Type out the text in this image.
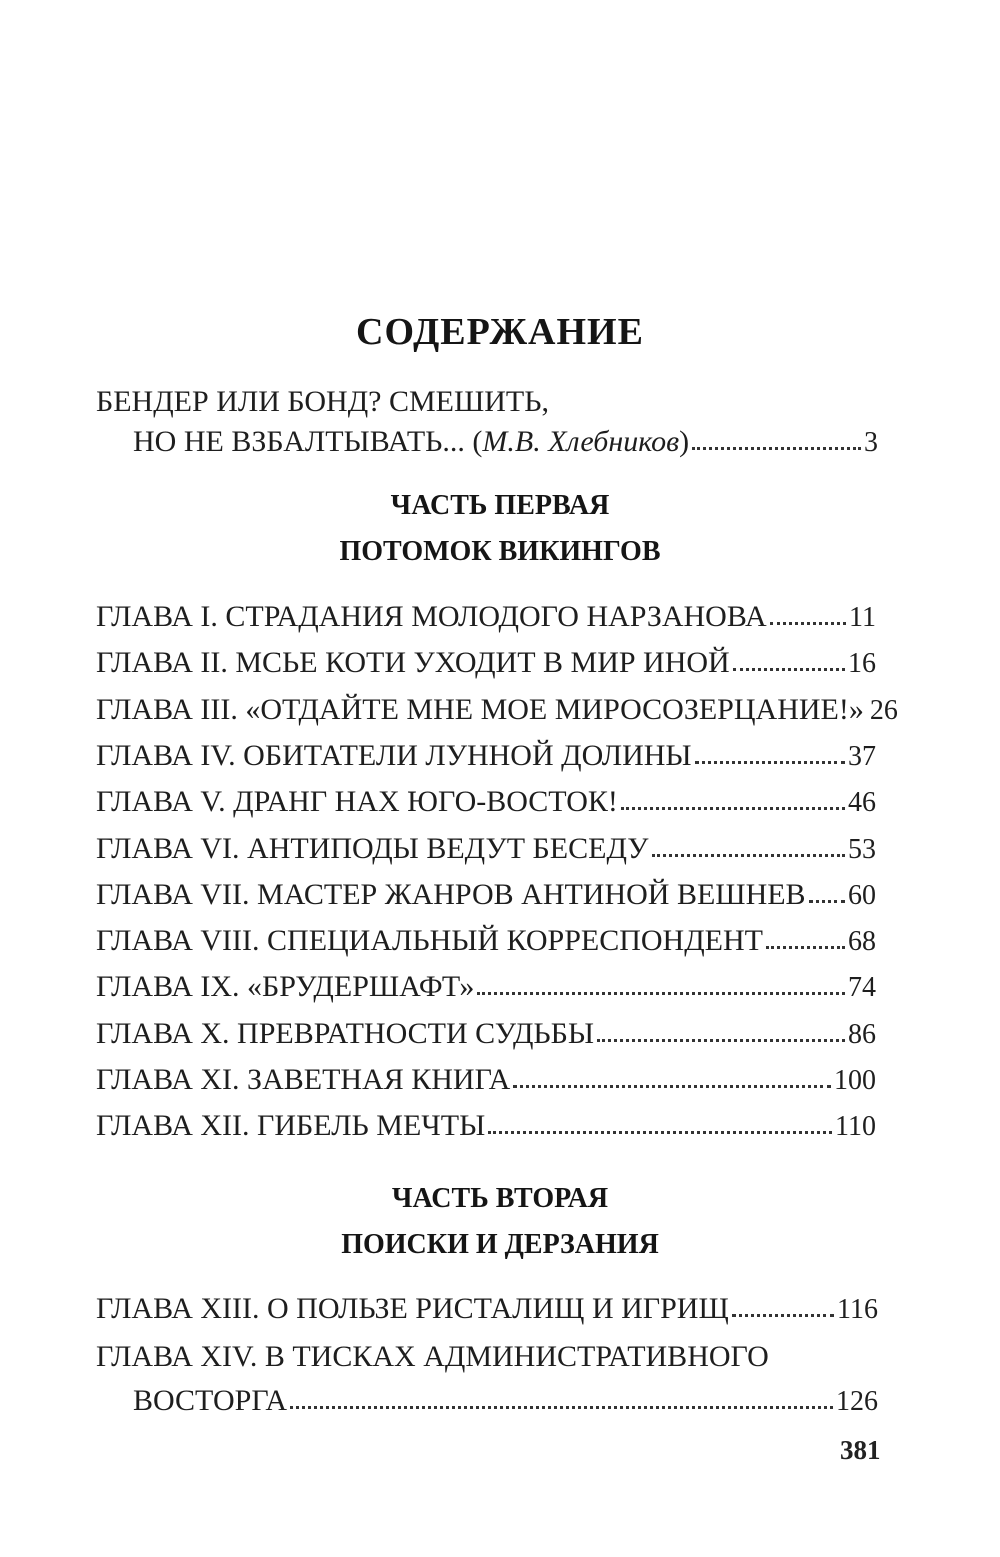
СОДЕРЖАНИЕ
БЕНДЕР ИЛИ БОНД? СМЕШИТЬ,
НО НЕ ВЗБАЛТЫВАТЬ... (М.В. Хлебников)	3
ЧАСТЬ ПЕРВАЯ
ПОТОМОК ВИКИНГОВ
ГЛАВА I. СТРАДАНИЯ МОЛОДОГО НАРЗАНОВА	11
ГЛАВА II. МСЬЕ КОТИ УХОДИТ В МИР ИНОЙ	16
ГЛАВА III. «ОТДАЙТЕ МНЕ МОЕ МИРОСОЗЕРЦАНИЕ!» 26
ГЛАВА IV. ОБИТАТЕЛИ ЛУННОЙ ДОЛИНЫ	37
ГЛАВА V. ДРАНГ НАХ ЮГО-ВОСТОК!	46
ГЛАВА VI. АНТИПОДЫ ВЕДУТ БЕСЕДУ	53
ГЛАВА VII. МАСТЕР ЖАНРОВ АНТИНОЙ ВЕШНЕВ 60
ГЛАВА VIII. СПЕЦИАЛЬНЫЙ КОРРЕСПОНДЕНТ	68
ГЛАВА IX. «БРУДЕРШАФТ»	74
ГЛАВА X. ПРЕВРАТНОСТИ СУДЬБЫ	86
ГЛАВА XI. ЗАВЕТНАЯ КНИГА	100
ГЛАВА XII. ГИБЕЛЬ МЕЧТЫ	110
ЧАСТЬ ВТОРАЯ
ПОИСКИ И ДЕРЗАНИЯ
ГЛАВА XIII. О ПОЛЬЗЕ РИСТАЛИЩ И ИГРИЩ	116
ГЛАВА XIV. В ТИСКАХ АДМИНИСТРАТИВНОГО
ВОСТОРГА	126
381
